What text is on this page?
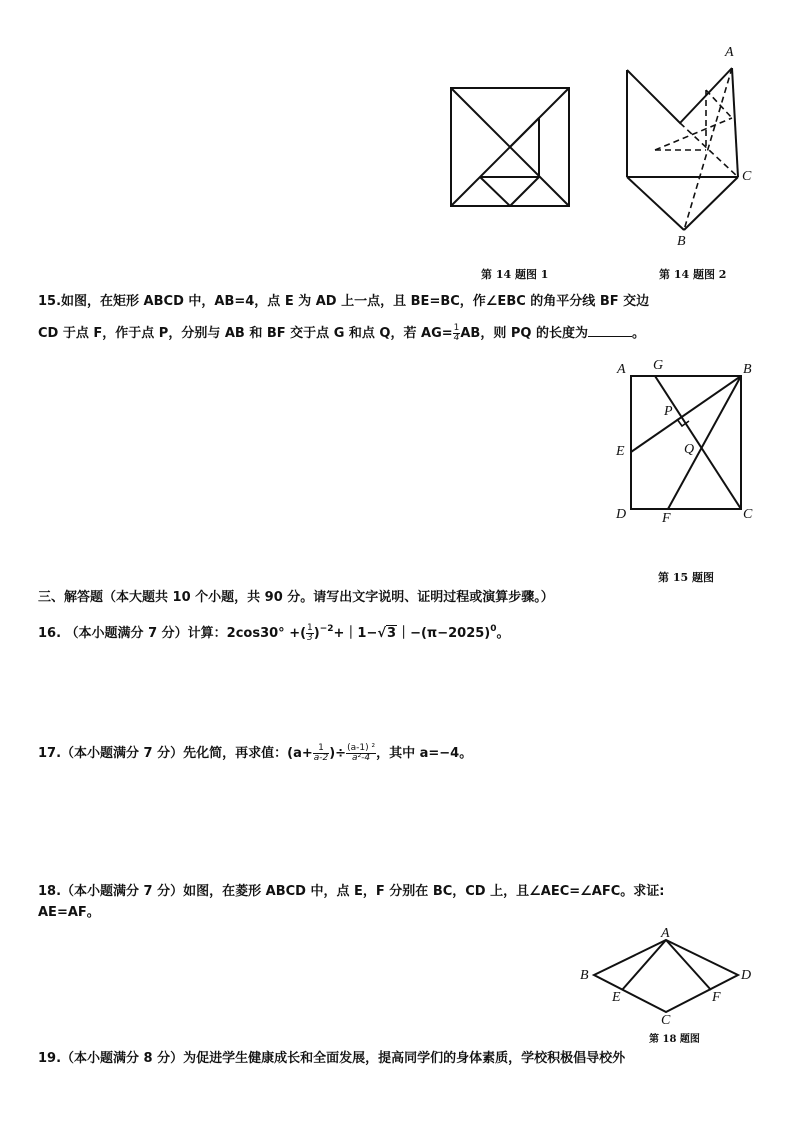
A
C
B
第 14 题图 1	第 14 题图 2
15.如图，在矩形 ABCD 中，AB=4，点 E 为 AD 上一点，且 BE=BC，作∠EBC 的角平分线 BF 交边
CD 于点 F，作于点 P，分别与 AB 和 BF 交于点 G 和点 Q，若 $AG= \frac{1}{4}$ AB，则 PQ 的长度为	。
A G	B
P
E	Q
D	F	C
第 15 题图
三、解答题（本大题共 10 个小题，共 90 分。请写出文字说明、证明过程或演算步骤。）
16. （本小题满分 7 分）计算：2cos30° +( $\frac{1}{3}$ )$^{-2}+|1-√3|-(\pi-2025)^0$。
17.（本小题满分 7 分）先化简，再求值：($a+ \frac{1}{a‑2}$ )÷ $\frac{\text{(a‑1) ²}}{\text{a²‑4}}$ ，其中 a=−4。
18.（本小题满分 7 分）如图，在菱形 ABCD 中，点 E，F 分别在 BC，CD 上，且∠AEC=∠AFC。求证:
AE=AF。
A
B	D
E	F
C
第 18 题图
19.（本小题满分 8 分）为促进学生健康成长和全面发展，提高同学们的身体素质，学校积极倡导校外
